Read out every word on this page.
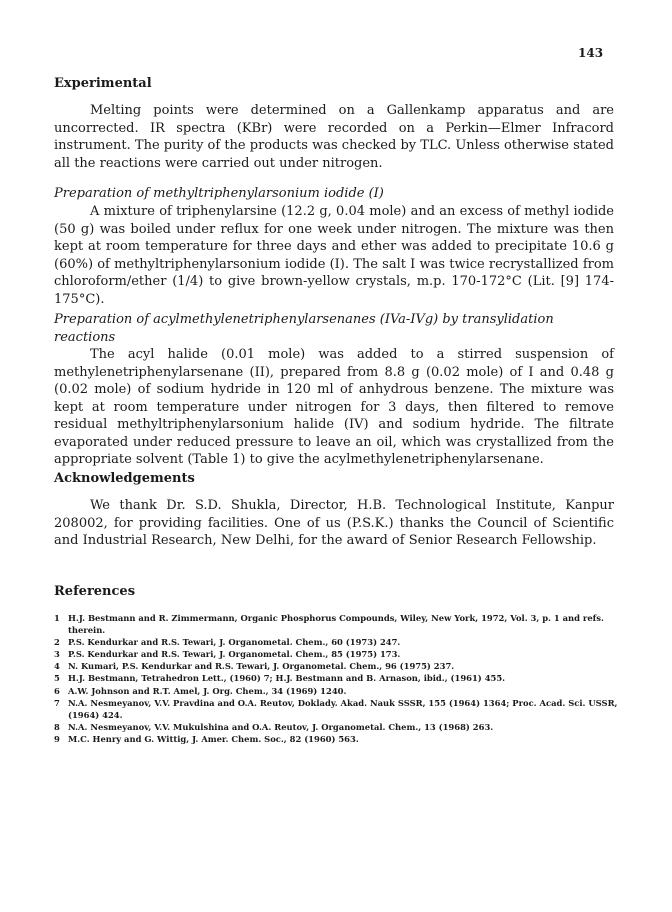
143
Experimental
Melting points were determined on a Gallenkamp apparatus and are uncorrected. IR spectra (KBr) were recorded on a Perkin—Elmer Infracord instrument. The purity of the products was checked by TLC. Unless otherwise stated all the reactions were carried out under nitrogen.
Preparation of methyltriphenylarsonium iodide (I)
A mixture of triphenylarsine (12.2 g, 0.04 mole) and an excess of methyl iodide (50 g) was boiled under reflux for one week under nitrogen. The mixture was then kept at room temperature for three days and ether was added to precipitate 10.6 g (60%) of methyltriphenylarsonium iodide (I). The salt I was twice recrystallized from chloroform/ether (1/4) to give brown-yellow crystals, m.p. 170-172°C (Lit. [9] 174-175°C).
Preparation of acylmethylenetriphenylarsenanes (IVa-IVg) by transylidation reactions
The acyl halide (0.01 mole) was added to a stirred suspension of methylenetriphenylarsenane (II), prepared from 8.8 g (0.02 mole) of I and 0.48 g (0.02 mole) of sodium hydride in 120 ml of anhydrous benzene. The mixture was kept at room temperature under nitrogen for 3 days, then filtered to remove residual methyltriphenylarsonium halide (IV) and sodium hydride. The filtrate evaporated under reduced pressure to leave an oil, which was crystallized from the appropriate solvent (Table 1) to give the acylmethylenetriphenylarsenane.
Acknowledgements
We thank Dr. S.D. Shukla, Director, H.B. Technological Institute, Kanpur 208002, for providing facilities. One of us (P.S.K.) thanks the Council of Scientific and Industrial Research, New Delhi, for the award of Senior Research Fellowship.
References
1 H.J. Bestmann and R. Zimmermann, Organic Phosphorus Compounds, Wiley, New York, 1972, Vol. 3, p. 1 and refs. therein.
2 P.S. Kendurkar and R.S. Tewari, J. Organometal. Chem., 60 (1973) 247.
3 P.S. Kendurkar and R.S. Tewari, J. Organometal. Chem., 85 (1975) 173.
4 N. Kumari, P.S. Kendurkar and R.S. Tewari, J. Organometal. Chem., 96 (1975) 237.
5 H.J. Bestmann, Tetrahedron Lett., (1960) 7; H.J. Bestmann and B. Arnason, ibid., (1961) 455.
6 A.W. Johnson and R.T. Amel, J. Org. Chem., 34 (1969) 1240.
7 N.A. Nesmeyanov, V.V. Pravdina and O.A. Reutov, Doklady. Akad. Nauk SSSR, 155 (1964) 1364; Proc. Acad. Sci. USSR, (1964) 424.
8 N.A. Nesmeyanov, V.V. Mukulshina and O.A. Reutov, J. Organometal. Chem., 13 (1968) 263.
9 M.C. Henry and G. Wittig, J. Amer. Chem. Soc., 82 (1960) 563.
